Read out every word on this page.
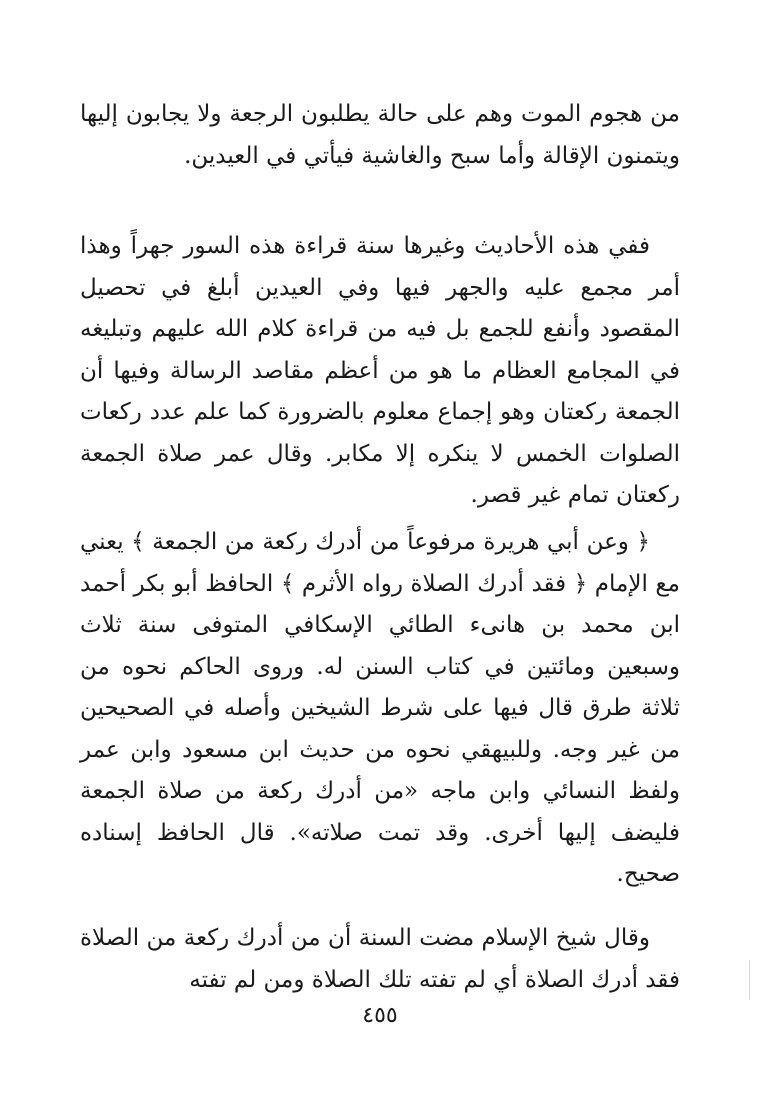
من هجوم الموت وهم على حالة يطلبون الرجعة ولا يجابون إليها ويتمنون الإقالة وأما سبح والغاشية فيأتي في العيدين.

ففي هذه الأحاديث وغيرها سنة قراءة هذه السور جهراً وهذا أمر مجمع عليه والجهر فيها وفي العيدين أبلغ في تحصيل المقصود وأنفع للجمع بل فيه من قراءة كلام الله عليهم وتبليغه في المجامع العظام ما هو من أعظم مقاصد الرسالة وفيها أن الجمعة ركعتان وهو إجماع معلوم بالضرورة كما علم عدد ركعات الصلوات الخمس لا ينكره إلا مكابر. وقال عمر صلاة الجمعة ركعتان تمام غير قصر.

﴿ وعن أبي هريرة مرفوعاً من أدرك ركعة من الجمعة ﴾ يعني مع الإمام ﴿ فقد أدرك الصلاة رواه الأثرم ﴾ الحافظ أبو بكر أحمد ابن محمد بن هانىء الطائي الإسكافي المتوفى سنة ثلاث وسبعين ومائتين في كتاب السنن له. وروى الحاكم نحوه من ثلاثة طرق قال فيها على شرط الشيخين وأصله في الصحيحين من غير وجه. وللبيهقي نحوه من حديث ابن مسعود وابن عمر ولفظ النسائي وابن ماجه «من أدرك ركعة من صلاة الجمعة فليضف إليها أخرى. وقد تمت صلاته». قال الحافظ إسناده صحيح.

وقال شيخ الإسلام مضت السنة أن من أدرك ركعة من الصلاة فقد أدرك الصلاة أي لم تفته تلك الصلاة ومن لم تفته

٤٥٥
